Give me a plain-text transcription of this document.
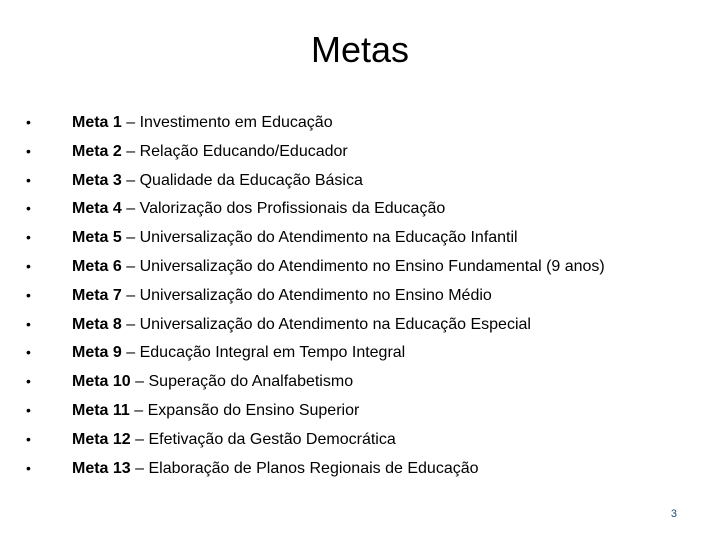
Metas
•	Meta 1 – Investimento em Educação
•	Meta 2 – Relação Educando/Educador
•	Meta 3 – Qualidade da Educação Básica
•	Meta 4 – Valorização dos Profissionais da Educação
•	Meta 5 – Universalização do Atendimento na Educação Infantil
•	Meta 6 – Universalização do Atendimento no Ensino Fundamental (9 anos)
•	Meta 7 – Universalização do Atendimento no Ensino Médio
•	Meta 8 – Universalização do Atendimento na Educação Especial
•	Meta 9 – Educação Integral em Tempo Integral
•	Meta 10 – Superação do Analfabetismo
•	Meta 11 – Expansão do Ensino Superior
•	Meta 12 – Efetivação da Gestão Democrática
•	Meta 13 – Elaboração de Planos Regionais de Educação
3
